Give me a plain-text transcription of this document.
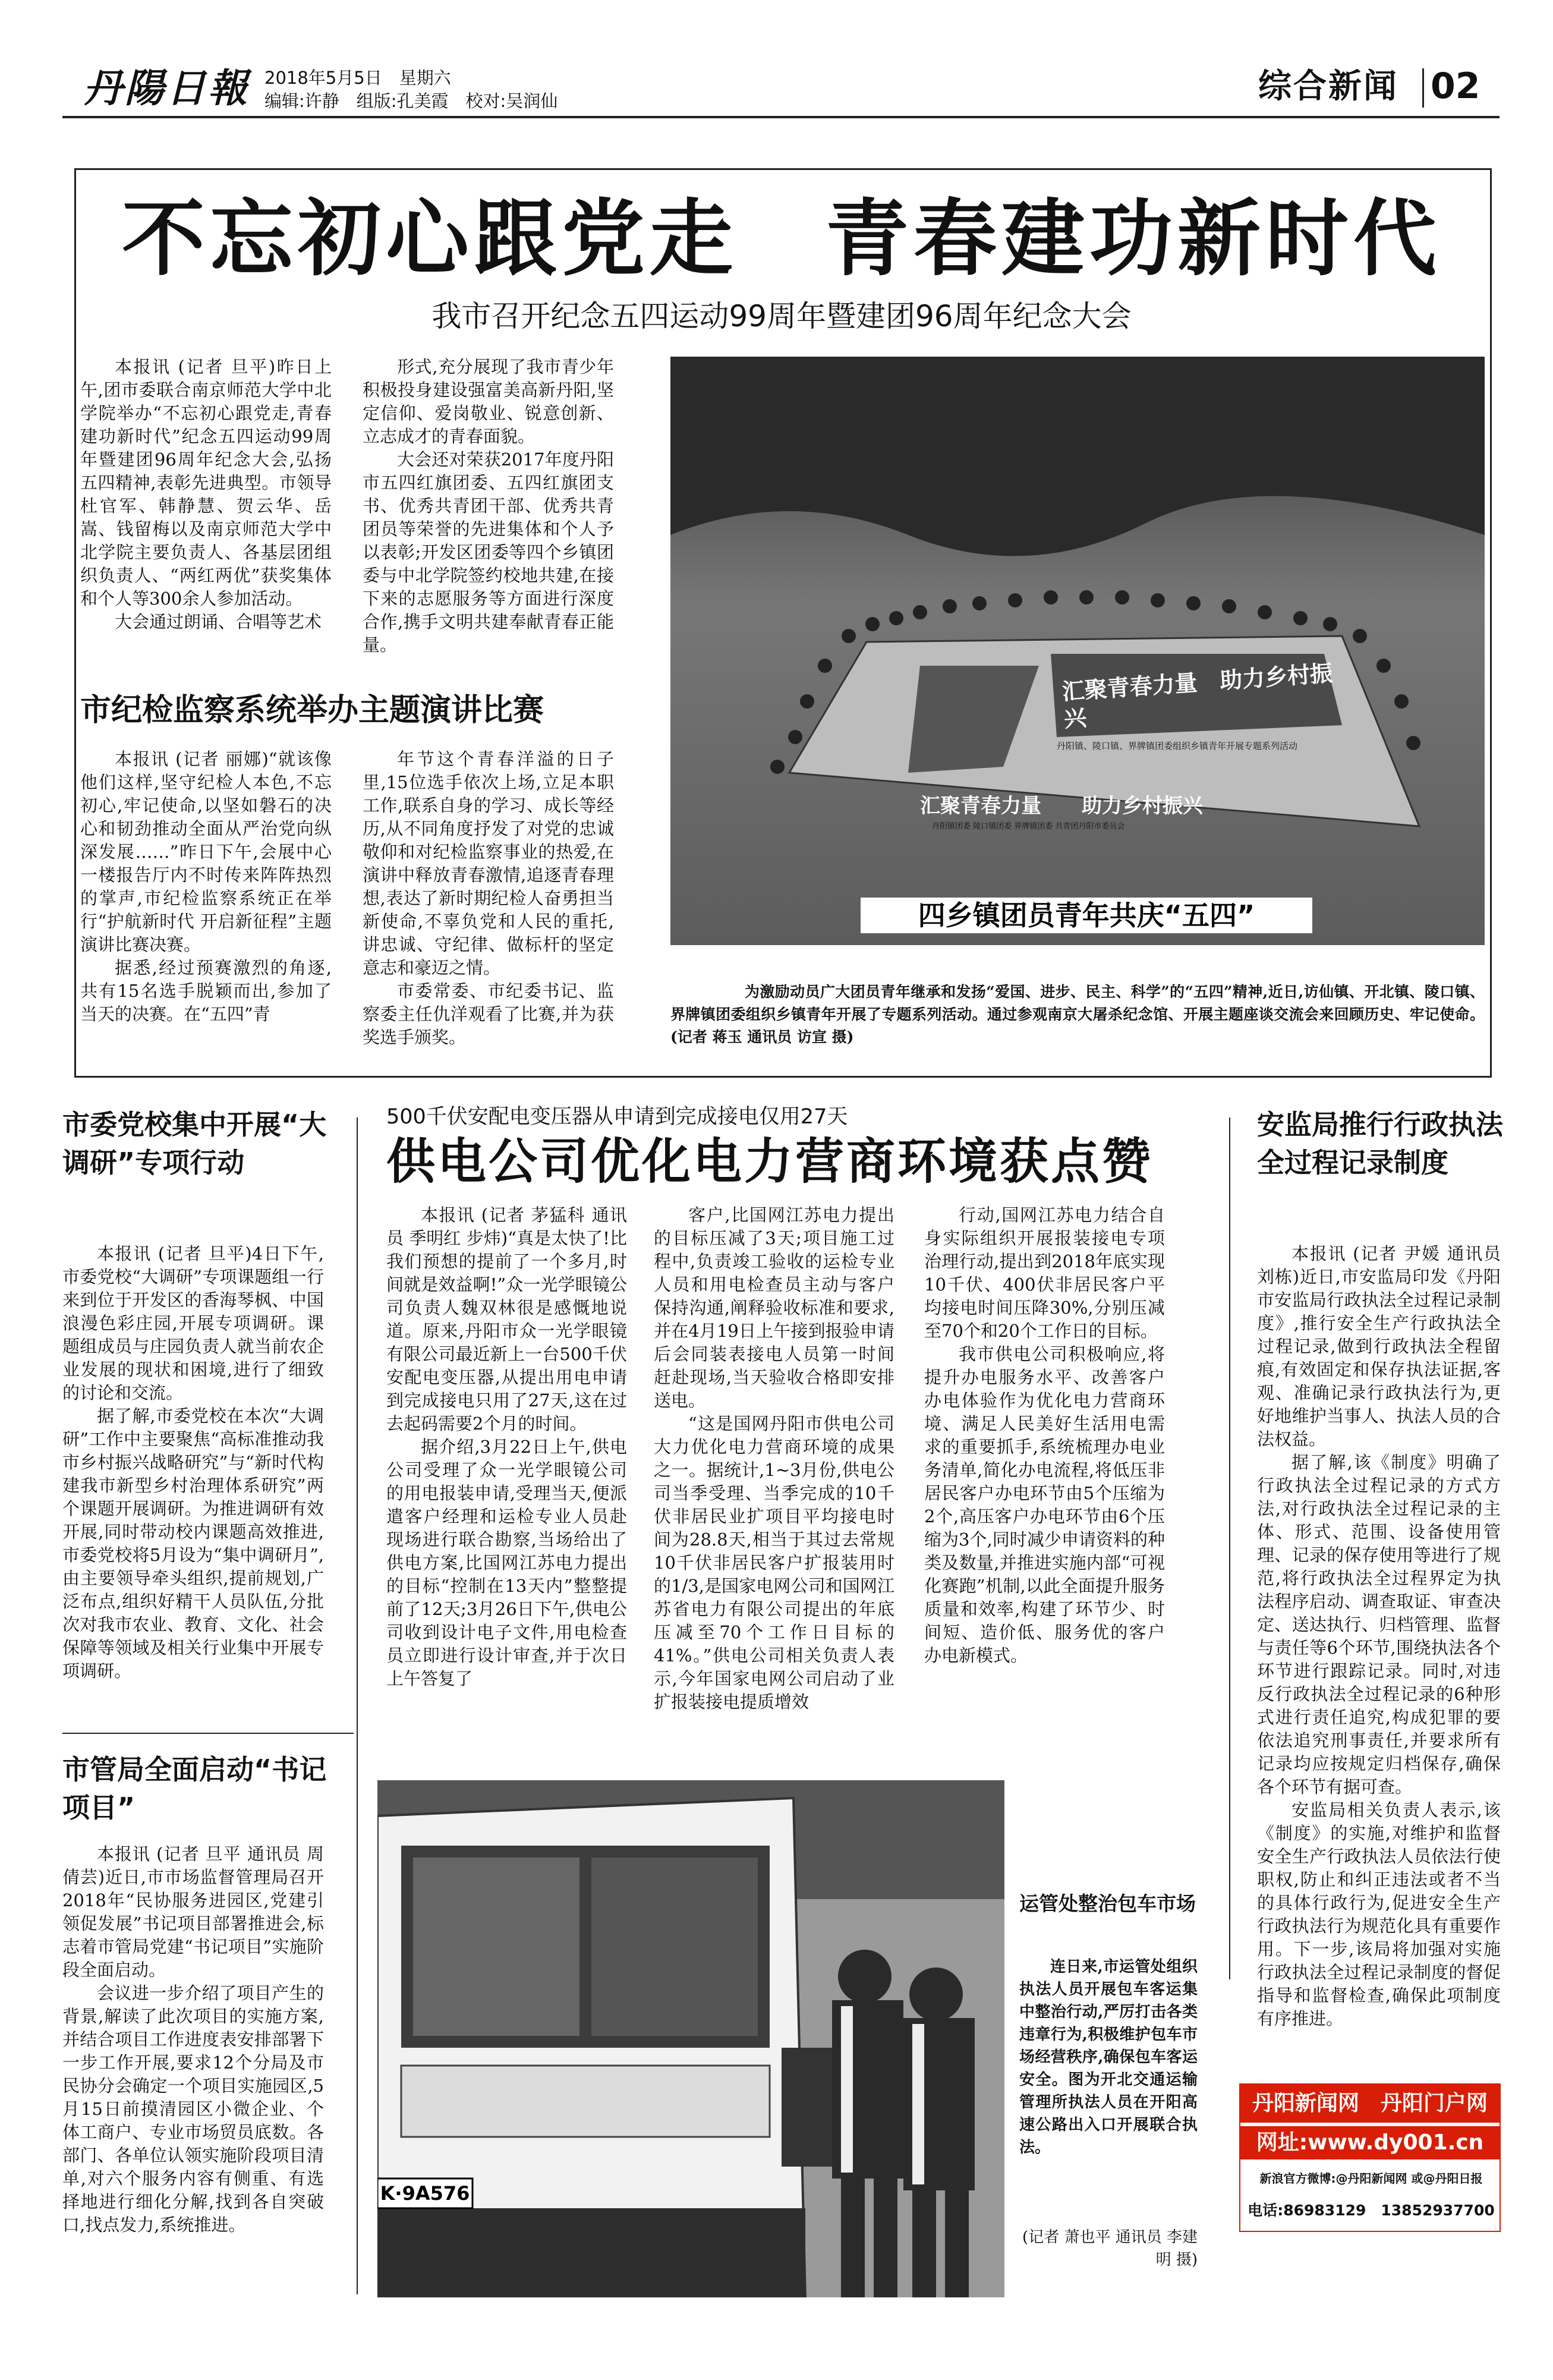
丹陽日報 2018年5月5日　星期六
编辑:许静　组版:孔美霞　校对:吴润仙	综合新闻 02
不忘初心跟党走　青春建功新时代
我市召开纪念五四运动99周年暨建团96周年纪念大会

本报讯 (记者 旦平)昨日上午,团市委联合南京师范大学中北学院举办“不忘初心跟党走,青春建功新时代”纪念五四运动99周年暨建团96周年纪念大会,弘扬五四精神,表彰先进典型。市领导杜官军、韩静慧、贺云华、岳嵩、钱留梅以及南京师范大学中北学院主要负责人、各基层团组织负责人、“两红两优”获奖集体和个人等300余人参加活动。

大会通过朗诵、合唱等艺术

形式,充分展现了我市青少年积极投身建设强富美高新丹阳,坚定信仰、爱岗敬业、锐意创新、立志成才的青春面貌。

大会还对荣获2017年度丹阳市五四红旗团委、五四红旗团支书、优秀共青团干部、优秀共青团员等荣誉的先进集体和个人予以表彰;开发区团委等四个乡镇团委与中北学院签约校地共建,在接下来的志愿服务等方面进行深度合作,携手文明共建奉献青春正能量。

市纪检监察系统举办主题演讲比赛

本报讯 (记者 丽娜)“就该像他们这样,坚守纪检人本色,不忘初心,牢记使命,以坚如磐石的决心和韧劲推动全面从严治党向纵深发展……”昨日下午,会展中心一楼报告厅内不时传来阵阵热烈的掌声,市纪检监察系统正在举行“护航新时代 开启新征程”主题演讲比赛决赛。

据悉,经过预赛激烈的角逐,共有15名选手脱颖而出,参加了当天的决赛。在“五四”青

年节这个青春洋溢的日子里,15位选手依次上场,立足本职工作,联系自身的学习、成长等经历,从不同角度抒发了对党的忠诚敬仰和对纪检监察事业的热爱,在演讲中释放青春激情,追逐青春理想,表达了新时期纪检人奋勇担当新使命,不辜负党和人民的重托,讲忠诚、守纪律、做标杆的坚定意志和豪迈之情。

市委常委、市纪委书记、监察委主任仇洋观看了比赛,并为获奖选手颁奖。

汇聚青春力量　助力乡村振兴
丹阳镇、陵口镇、界牌镇团委组织乡镇青年开展专题系列活动
汇聚青春力量　　助力乡村振兴
丹阳镇团委 陵口镇团委 界牌镇团委 共青团丹阳市委员会
四乡镇团员青年共庆“五四”
为激励动员广大团员青年继承和发扬“爱国、进步、民主、科学”的“五四”精神,近日,访仙镇、开北镇、陵口镇、界牌镇团委组织乡镇青年开展了专题系列活动。通过参观南京大屠杀纪念馆、开展主题座谈交流会来回顾历史、牢记使命。(记者 蒋玉 通讯员 访宣 摄)
市委党校集中开展“大调研”专项行动

本报讯 (记者 旦平)4日下午,市委党校“大调研”专项课题组一行来到位于开发区的香海琴枫、中国浪漫色彩庄园,开展专项调研。课题组成员与庄园负责人就当前农企业发展的现状和困境,进行了细致的讨论和交流。

据了解,市委党校在本次“大调研”工作中主要聚焦“高标准推动我市乡村振兴战略研究”与“新时代构建我市新型乡村治理体系研究”两个课题开展调研。为推进调研有效开展,同时带动校内课题高效推进,市委党校将5月设为“集中调研月”,由主要领导牵头组织,提前规划,广泛布点,组织好精干人员队伍,分批次对我市农业、教育、文化、社会保障等领域及相关行业集中开展专项调研。

500千伏安配电变压器从申请到完成接电仅用27天
供电公司优化电力营商环境获点赞

本报讯 (记者 茅猛科 通讯员 季明红 步炜)“真是太快了!比我们预想的提前了一个多月,时间就是效益啊!”众一光学眼镜公司负责人魏双林很是感慨地说道。原来,丹阳市众一光学眼镜有限公司最近新上一台500千伏安配电变压器,从提出用电申请到完成接电只用了27天,这在过去起码需要2个月的时间。

据介绍,3月22日上午,供电公司受理了众一光学眼镜公司的用电报装申请,受理当天,便派遣客户经理和运检专业人员赴现场进行联合勘察,当场给出了供电方案,比国网江苏电力提出的目标“控制在13天内”整整提前了12天;3月26日下午,供电公司收到设计电子文件,用电检查员立即进行设计审查,并于次日上午答复了

客户,比国网江苏电力提出的目标压减了3天;项目施工过程中,负责竣工验收的运检专业人员和用电检查员主动与客户保持沟通,阐释验收标准和要求,并在4月19日上午接到报验申请后会同装表接电人员第一时间赶赴现场,当天验收合格即安排送电。

“这是国网丹阳市供电公司大力优化电力营商环境的成果之一。据统计,1~3月份,供电公司当季受理、当季完成的10千伏非居民业扩项目平均接电时间为28.8天,相当于其过去常规10千伏非居民客户扩报装用时的1/3,是国家电网公司和国网江苏省电力有限公司提出的年底压减至70个工作日目标的41%。”供电公司相关负责人表示,今年国家电网公司启动了业扩报装接电提质增效

行动,国网江苏电力结合自身实际组织开展报装接电专项治理行动,提出到2018年底实现10千伏、400伏非居民客户平均接电时间压降30%,分别压减至70个和20个工作日的目标。

我市供电公司积极响应,将提升办电服务水平、改善客户办电体验作为优化电力营商环境、满足人民美好生活用电需求的重要抓手,系统梳理办电业务清单,简化办电流程,将低压非居民客户办电环节由5个压缩为2个,高压客户办电环节由6个压缩为3个,同时减少申请资料的种类及数量,并推进实施内部“可视化赛跑”机制,以此全面提升服务质量和效率,构建了环节少、时间短、造价低、服务优的客户办电新模式。

安监局推行行政执法全过程记录制度

本报讯 (记者 尹媛 通讯员 刘栋)近日,市安监局印发《丹阳市安监局行政执法全过程记录制度》,推行安全生产行政执法全过程记录,做到行政执法全程留痕,有效固定和保存执法证据,客观、准确记录行政执法行为,更好地维护当事人、执法人员的合法权益。

据了解,该《制度》明确了行政执法全过程记录的方式方法,对行政执法全过程记录的主体、形式、范围、设备使用管理、记录的保存使用等进行了规范,将行政执法全过程界定为执法程序启动、调查取证、审查决定、送达执行、归档管理、监督与责任等6个环节,围绕执法各个环节进行跟踪记录。同时,对违反行政执法全过程记录的6种形式进行责任追究,构成犯罪的要依法追究刑事责任,并要求所有记录均应按规定归档保存,确保各个环节有据可查。

安监局相关负责人表示,该《制度》的实施,对维护和监督安全生产行政执法人员依法行使职权,防止和纠正违法或者不当的具体行政行为,促进安全生产行政执法行为规范化具有重要作用。下一步,该局将加强对实施行政执法全过程记录制度的督促指导和监督检查,确保此项制度有序推进。

市管局全面启动“书记项目”

本报讯 (记者 旦平 通讯员 周倩芸)近日,市市场监督管理局召开2018年“民协服务进园区,党建引领促发展”书记项目部署推进会,标志着市管局党建“书记项目”实施阶段全面启动。

会议进一步介绍了项目产生的背景,解读了此次项目的实施方案,并结合项目工作进度表安排部署下一步工作开展,要求12个分局及市民协分会确定一个项目实施园区,5月15日前摸清园区小微企业、个体工商户、专业市场贸员底数。各部门、各单位认领实施阶段项目清单,对六个服务内容有侧重、有选择地进行细化分解,找到各自突破口,找点发力,系统推进。

K·9A576
运管处整治包车市场
连日来,市运管处组织执法人员开展包车客运集中整治行动,严厉打击各类违章行为,积极维护包车市场经营秩序,确保包车客运安全。图为开北交通运输管理所执法人员在开阳高速公路出入口开展联合执法。
(记者 萧也平 通讯员 李建明 摄)
丹阳新闻网　丹阳门户网
网址:www.dy001.cn
新浪官方微博:@丹阳新闻网 或@丹阳日报
电话:86983129　13852937700
